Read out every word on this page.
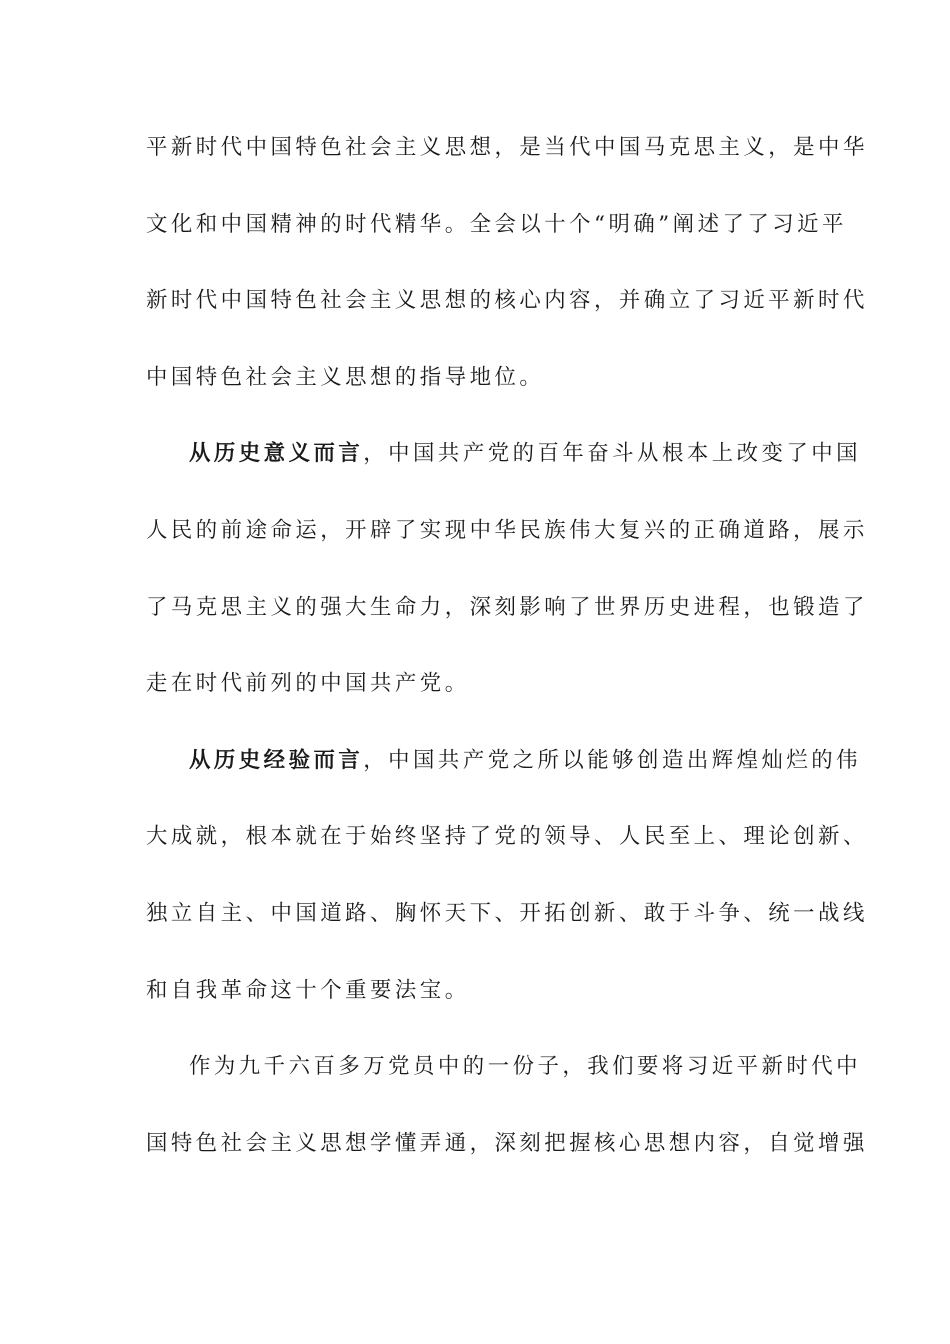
平新时代中国特色社会主义思想，是当代中国马克思主义，是中华
文化和中国精神的时代精华。全会以十个“明确”阐述了了习近平
新时代中国特色社会主义思想的核心内容，并确立了习近平新时代
中国特色社会主义思想的指导地位。
从历史意义而言，中国共产党的百年奋斗从根本上改变了中国
人民的前途命运，开辟了实现中华民族伟大复兴的正确道路，展示
了马克思主义的强大生命力，深刻影响了世界历史进程，也锻造了
走在时代前列的中国共产党。
从历史经验而言，中国共产党之所以能够创造出辉煌灿烂的伟
大成就，根本就在于始终坚持了党的领导、人民至上、理论创新、
独立自主、中国道路、胸怀天下、开拓创新、敢于斗争、统一战线
和自我革命这十个重要法宝。
作为九千六百多万党员中的一份子，我们要将习近平新时代中
国特色社会主义思想学懂弄通，深刻把握核心思想内容，自觉增强
